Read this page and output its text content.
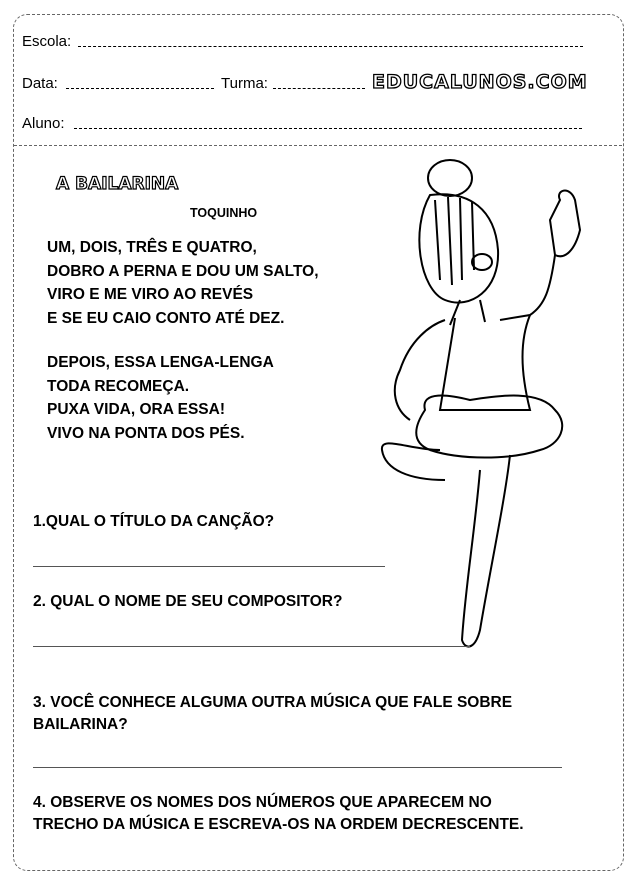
Escola:
Data:	Turma:	EDUCALUNOS.COM
Aluno:
A BAILARINA
TOQUINHO
UM, DOIS, TRÊS E QUATRO,
DOBRO A PERNA E DOU UM SALTO,
VIRO E ME VIRO AO REVÉS
E SE EU CAIO CONTO ATÉ DEZ.
DEPOIS, ESSA LENGA-LENGA
TODA RECOMEÇA.
PUXA VIDA, ORA ESSA!
VIVO NA PONTA DOS PÉS.
1.QUAL O TÍTULO DA CANÇÃO?
2. QUAL O NOME DE SEU COMPOSITOR?
3. VOCÊ CONHECE ALGUMA OUTRA MÚSICA QUE FALE SOBRE
BAILARINA?
4. OBSERVE OS NOMES DOS NÚMEROS QUE APARECEM NO
TRECHO DA MÚSICA E ESCREVA-OS NA ORDEM DECRESCENTE.
